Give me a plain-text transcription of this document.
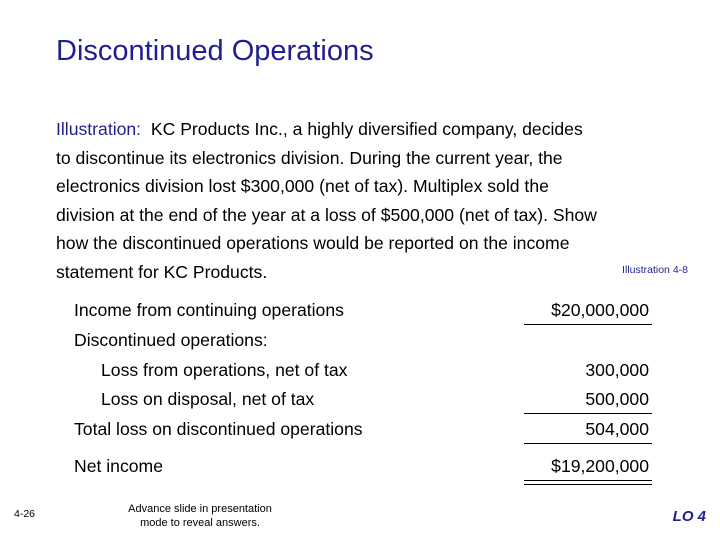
Discontinued Operations
Illustration: KC Products Inc., a highly diversified company, decides
to discontinue its electronics division. During the current year, the
electronics division lost $300,000 (net of tax). Multiplex sold the
division at the end of the year at a loss of $500,000 (net of tax). Show
how the discontinued operations would be reported on the income
statement for KC Products.	Illustration 4-8
Income from continuing operations	$20,000,000
Discontinued operations:
Loss from operations, net of tax	300,000
Loss on disposal, net of tax	500,000
Total loss on discontinued operations	504,000
Net income	$19,200,000
4-26	Advance slide in presentation
mode to reveal answers.	LO 4
